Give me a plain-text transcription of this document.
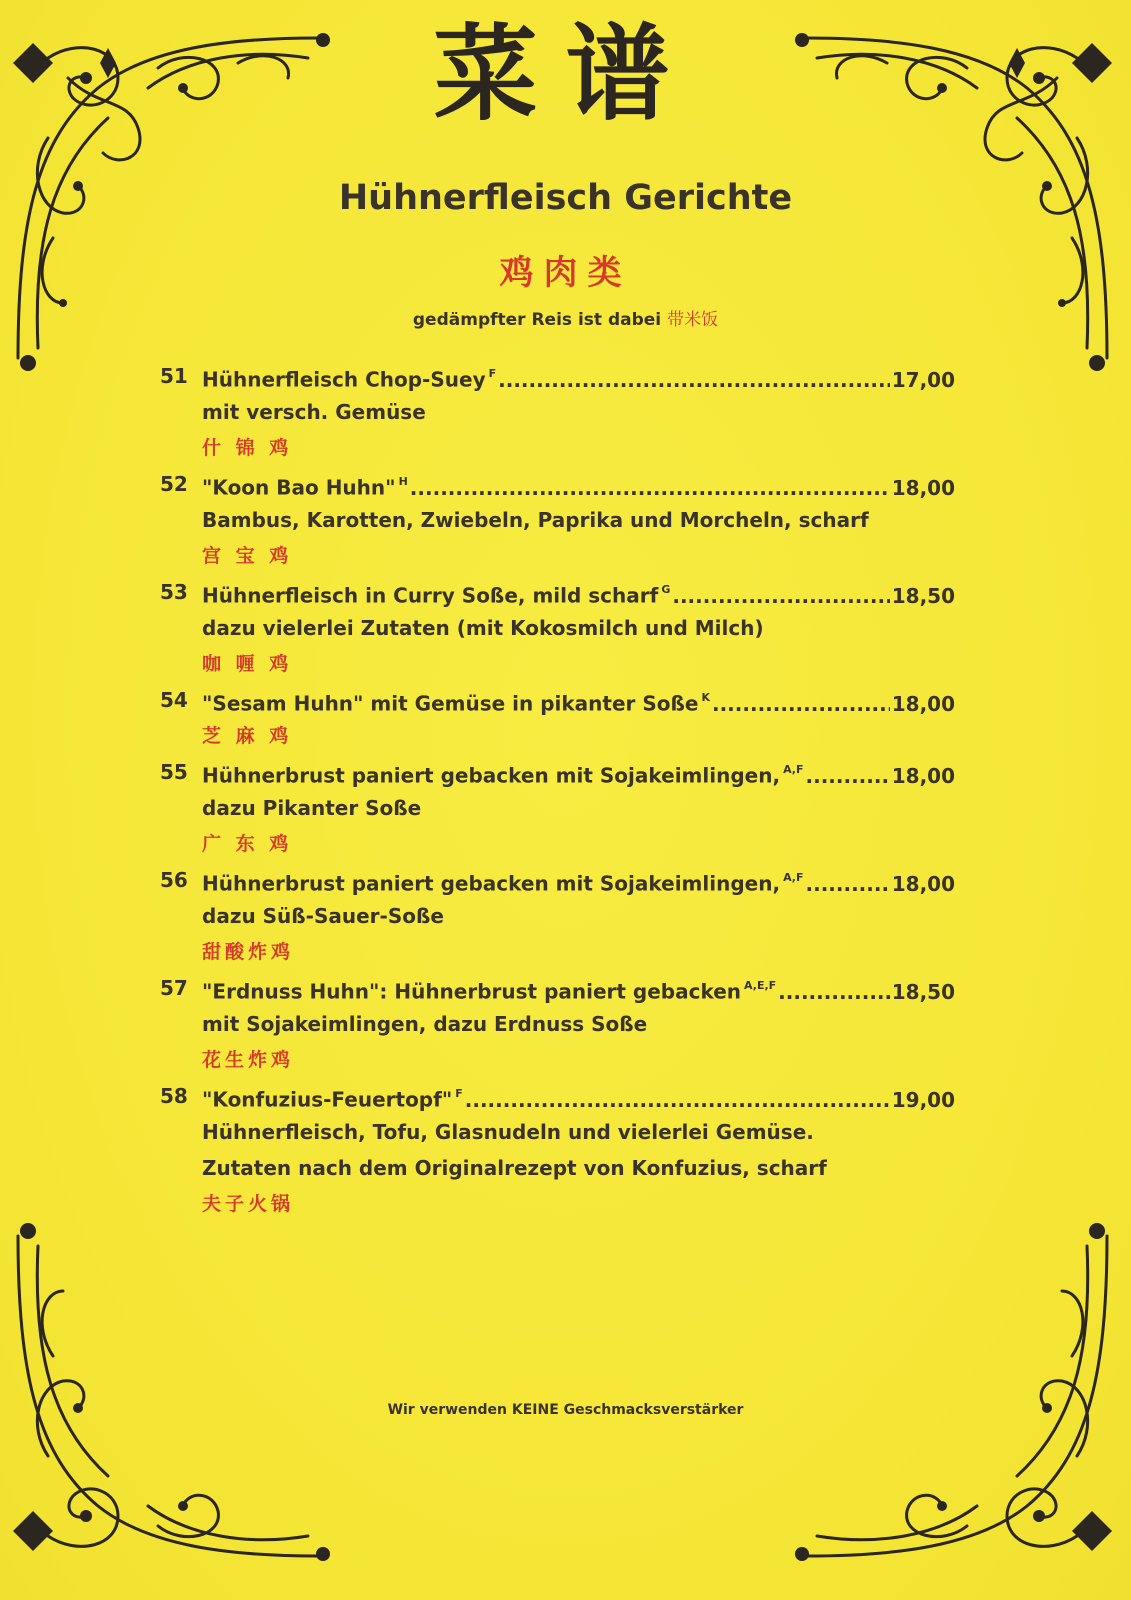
菜谱
Hühnerfleisch Gerichte
鸡肉类
gedämpfter Reis ist dabei 带米饭
51 Hühnerfleisch Chop-Suey $^F$ .....	17,00
mit versch. Gemüse
什 锦 鸡
52 "Koon Bao Huhn" $^H$ .....	18,00
Bambus, Karotten, Zwiebeln, Paprika und Morcheln, scharf
宫 宝 鸡
53 Hühnerfleisch in Curry Soße, mild scharf $^G$ .....	18,50
dazu vielerlei Zutaten (mit Kokosmilch und Milch)
咖 喱 鸡
54 "Sesam Huhn" mit Gemüse in pikanter Soße $^K$ .....	18,00
芝 麻 鸡
55 Hühnerbrust paniert gebacken mit Sojakeimlingen, $^{A,F}$ .....	18,00
dazu Pikanter Soße
广 东 鸡
56 Hühnerbrust paniert gebacken mit Sojakeimlingen, $^{A,F}$ .....	18,00
dazu Süß-Sauer-Soße
甜酸炸鸡
57 "Erdnuss Huhn": Hühnerbrust paniert gebacken $^{A,E,F}$ .....	18,50
mit Sojakeimlingen, dazu Erdnuss Soße
花生炸鸡
58 "Konfuzius-Feuertopf" $^F$ .....	19,00
Hühnerfleisch, Tofu, Glasnudeln und vielerlei Gemüse.
Zutaten nach dem Originalrezept von Konfuzius, scharf
夫子火锅
Wir verwenden KEINE Geschmacksverstärker
